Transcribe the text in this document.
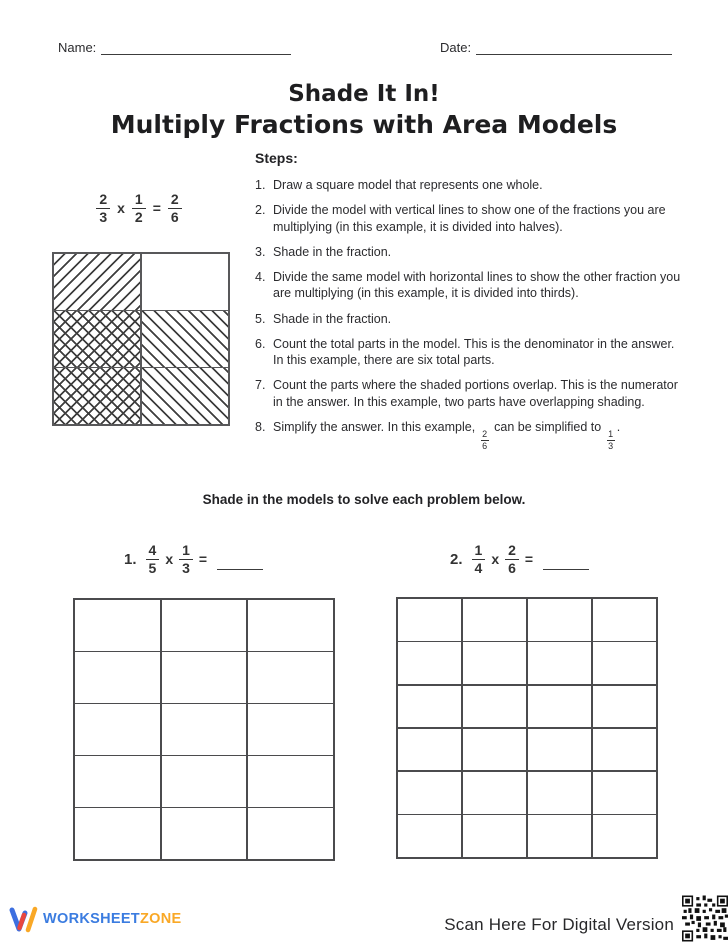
Name:	Date:
Shade It In!
Multiply Fractions with Area Models
$\frac{2}{3}$ x $\frac{1}{2} = \frac{2}{6}$
Steps:
1. Draw a square model that represents one whole.
2. Divide the model with vertical lines to show one of the fractions you are multiplying (in this example, it is divided into halves).
3. Shade in the fraction.
4. Divide the same model with horizontal lines to show the other fraction you are multiplying (in this example, it is divided into thirds).
5. Shade in the fraction.
6. Count the total parts in the model. This is the denominator in the answer. In this example, there are six total parts.
7. Count the parts where the shaded portions overlap. This is the numerator in the answer. In this example, two parts have overlapping shading.
8. Simplify the answer. In this example,
$\frac{2}{6}$
can be simplified to
$\frac{1}{3}$
.
Shade in the models to solve each problem below.
1. $\frac{4}{5}$ x $\frac{1}{3}$ =	2. $\frac{1}{4}$ x $\frac{2}{6}$ =
WORKSHEETZONE	Scan Here For Digital Version
